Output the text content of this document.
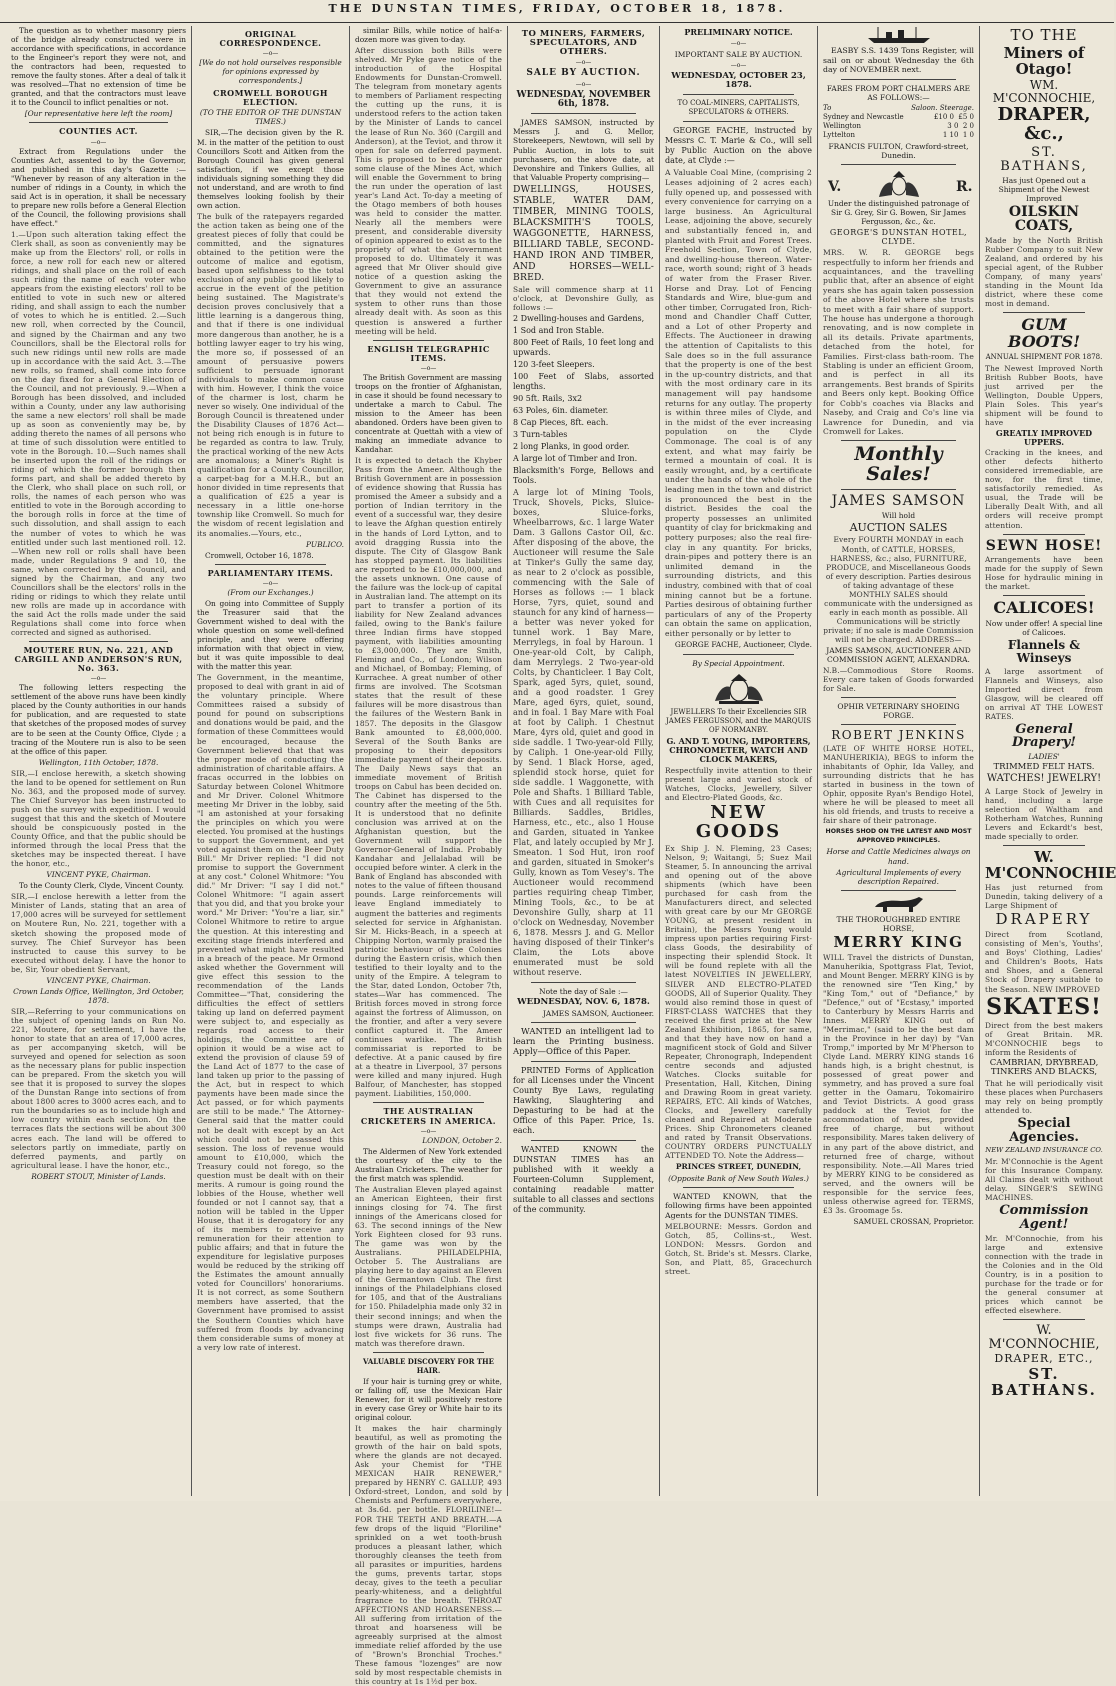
THE DUNSTAN TIMES, FRIDAY, OCTOBER 18, 1878.

The question as to whether masonry piers of the bridge already constructed were in accordance with specifications, in accordance to the Engineer's report they were not, and the contractors had been, requested to remove the faulty stones. After a deal of talk it was resolved—That no extension of time be granted, and that the contractors must leave it to the Council to inflict penalties or not.

[Our representative here left the room]

COUNTIES ACT.

—o—

Extract from Regulations under the Counties Act, assented to by the Governor, and published in this day's Gazette :— "Whenever by reason of any alteration in the number of ridings in a County, in which the said Act is in operation, it shall be necessary to prepare new rolls before a General Election of the Council, the following provisions shall have effect."

1.—Upon such alteration taking effect the Clerk shall, as soon as conveniently may be make up from the Electors' roll, or rolls in force, a new roll for each new or altered ridings, and shall place on the roll of each such riding the name of each voter who appears from the existing electors' roll to be entitled to vote in such new or altered riding, and shall assign to each the number of votes to which he is entitled. 2.—Such new roll, when corrected by the Council, and signed by the Chairman and any two Councillors, shall be the Electoral rolls for such new ridings until new rolls are made up in accordance with the said Act. 3.—The new rolls, so framed, shall come into force on the day fixed for a General Election of the Council, and not previously. 9.—When a Borough has been dissolved, and included within a County, under any law authorising the same a new electors' roll shall be made up as soon as conveniently may be, by adding thereto the names of all persons who at time of such dissolution were entitled to vote in the Borough. 10.—Such names shall be inserted upon the roll of the ridings or riding of which the former borough then forms part, and shall be added thereto by the Clerk, who shall place on such roll, or rolls, the names of each person who was entitled to vote in the Borough according to the borough rolls in force at the time of such dissolution, and shall assign to each the number of votes to which he was entitled under such last mentioned roll. 12.—When new roll or rolls shall have been made, under Regulations 9 and 10, the same, when corrected by the Council, and signed by the Chairman, and any two Councillors shall be the electors' rolls in the riding or ridings to which they relate until new rolls are made up in accordance with the said Act the rolls made under the said Regulations shall come into force when corrected and signed as authorised.

MOUTERE RUN, No. 221, AND CARGILL AND ANDERSON'S RUN, No. 363.

—o—

The following letters respecting the settlement of the above runs have been kindly placed by the County authorities in our hands for publication, and are requested to state that sketches of the proposed modes of survey are to be seen at the County Office, Clyde ; a tracing of the Moutere run is also to be seen at the office of this paper.

Wellington, 11th October, 1878.

SIR,—I enclose herewith, a sketch showing the land to be opened for settlement on Run No. 363, and the proposed mode of survey. The Chief Surveyor has been instructed to push on the survey with expedition. I would suggest that this and the sketch of Moutere should be conspicuously posted in the County Office, and that the public should be informed through the local Press that the sketches may be inspected thereat. I have the honor, etc.,

VINCENT PYKE, Chairman.

To the County Clerk, Clyde, Vincent County.

SIR,—I enclose herewith a letter from the Minister of Lands, stating that an area of 17,000 acres will be surveyed for settlement on Moutere Run, No. 221, together with a sketch showing the proposed mode of survey. The Chief Surveyor has been instructed to cause this survey to be executed without delay. I have the honor to be, Sir, Your obedient Servant,

VINCENT PYKE, Chairman.

Crown Lands Office, Wellington, 3rd October, 1878.

SIR,—Referring to your communications on the subject of opening lands on Run No. 221, Moutere, for settlement, I have the honor to state that an area of 17,000 acres, as per accompanying sketch, will be surveyed and opened for selection as soon as the necessary plans for public inspection can be prepared. From the sketch you will see that it is proposed to survey the slopes of the Dunstan Range into sections of from about 1800 acres to 3000 acres each, and to run the boundaries so as to include high and low country within each section. On the terraces flats the sections will be about 300 acres each. The land will be offered to selectors partly on immediate, partly on deferred payments, and partly on agricultural lease. I have the honor, etc.,

ROBERT STOUT, Minister of Lands.

ORIGINAL CORRESPONDENCE.

—o—

[We do not hold ourselves responsible for opinions expressed by correspondents.]

CROMWELL BOROUGH ELECTION.

(TO THE EDITOR OF THE DUNSTAN TIMES.)

SIR,—The decision given by the R. M. in the matter of the petition to oust Councillors Scott and Aitken from the Borough Council has given general satisfaction, if we except those individuals signing something they did not understand, and are wroth to find themselves looking foolish by their own action.

The bulk of the ratepayers regarded the action taken as being one of the greatest pieces of folly that could be committed, and the signatures obtained to the petition were the outcome of malice and egotism, based upon selfishness to the total exclusion of any public good likely to accrue in the event of the petition being sustained. The Magistrate's decision proves conclusively that a little learning is a dangerous thing, and that if there is one individual more dangerous than another, he is a bottling lawyer eager to try his wing, the more so, if possessed of an amount of persuasive powers sufficient to persuade ignorant individuals to make common cause with him. However, I think the voice of the charmer is lost, charm he never so wisely. One individual of the Borough Council is threatened under the Disability Clauses of 1876 Act—not being rich enough is in future to be regarded as contra to law. Truly, the practical working of the new Acts are anomalous; a Miner's Right is qualification for a County Councillor, a carpet-bag for a M.H.R., but an honor divided in time represents that a qualification of £25 a year is necessary in a little one-horse township like Cromwell. So much for the wisdom of recent legislation and its anomalies.—Yours, etc.,

PUBLICO.

Cromwell, October 16, 1878.

PARLIAMENTARY ITEMS.

—o—

(From our Exchanges.)

On going into Committee of Supply the Treasurer said that the Government wished to deal with the whole question on some well-defined principle, and they were offering information with that object in view, but it was quite impossible to deal with the matter this year.

The Government, in the meantime, proposed to deal with grant in aid of the voluntary principle. Where Committees raised a subsidy of pound for pound on subscriptions and donations would be paid, and the formation of these Committees would be encouraged, because the Government believed that that was the proper mode of conducting the administration of charitable affairs. A fracas occurred in the lobbies on Saturday between Colonel Whitmore and Mr Driver. Colonel Whitmore meeting Mr Driver in the lobby, said "I am astonished at your forsaking the principles on which you were elected. You promised at the hustings to support the Government, and yet voted against them on the Beer Duty Bill." Mr Driver replied: "I did not promise to support the Government at any cost." Colonel Whitmore: "You did." Mr Driver: "I say I did not." Colonel Whitmore: "I again assert that you did, and that you broke your word." Mr Driver: "You're a liar, sir." Colonel Whitmore to retire to argue the question. At this interesting and exciting stage friends interfered and prevented what might have resulted in a breach of the peace. Mr Ormond asked whether the Government will give effect this session to the recommendation of the Lands Committee—"That, considering the difficulties the effect of settlers taking up land on deferred payment were subject to, and especially as regards road access to their holdings, the Committee are of opinion it would be a wise act to extend the provision of clause 59 of the Land Act of 1877 to the case of land taken up prior to the passing of the Act, but in respect to which payments have been made since the Act passed, or for which payments are still to be made." The Attorney-General said that the matter could not be dealt with except by an Act which could not be passed this session. The loss of revenue would amount to £10,000, which the Treasury could not forego, so the question must be dealt with on their merits. A rumour is going round the lobbies of the House, whether well founded or not I cannot say, that a notion will be tabled in the Upper House, that it is derogatory for any of its members to receive any remuneration for their attention to public affairs; and that in future the expenditure for legislative purposes would be reduced by the striking off the Estimates the amount annually voted for Councillors' honorariums. It is not correct, as some Southern members have asserted, that the Government have promised to assist the Southern Counties which have suffered from floods by advancing them considerable sums of money at a very low rate of interest.

similar Bills, while notice of half-a-dozen more was given to-day.

After discussion both Bills were shelved. Mr Pyke gave notice of the introduction of the Hospital Endowments for Dunstan-Cromwell. The telegram from monetary agents to members of Parliament respecting the cutting up the runs, it is understood refers to the action taken by the Minister of Lands to cancel the lease of Run No. 360 (Cargill and Anderson), at the Teviot, and throw it open for sale on deferred payment. This is proposed to be done under some clause of the Mines Act, which will enable the Government to bring the run under the operation of last year's Land Act. To-day a meeting of the Otago members of both houses was held to consider the matter. Nearly all the members were present, and considerable diversity of opinion appeared to exist as to the propriety of what the Government proposed to do. Ultimately it was agreed that Mr Oliver should give notice of a question asking the Government to give an assurance that they would not extend the system to other runs than those already dealt with. As soon as this question is answered a further meeting will be held.

ENGLISH TELEGRAPHIC ITEMS.

—o—

The British Government are massing troops on the frontier of Afghanistan, in case it should be found necessary to undertake a march to Cabul. The mission to the Ameer has been abandoned. Orders have been given to concentrate at Quettah with a view of making an immediate advance to Kandahar.

It is expected to detach the Khyber Pass from the Ameer. Although the British Government are in possession of evidence showing that Russia has promised the Ameer a subsidy and a portion of Indian territory in the event of a successful war, they desire to leave the Afghan question entirely in the hands of Lord Lytton, and to avoid dragging Russia into the dispute. The City of Glasgow Bank has stopped payment. Its liabilities are reported to be £10,000,000, and the assets unknown. One cause of the failure was the lock-up of capital in Australian land. The attempt on its part to transfer a portion of its liability for New Zealand advances failed, owing to the Bank's failure three Indian firms have stopped payment, with liabilities amounting to £3,000,000. They are Smith, Fleming and Co., of London; Wilson and Michael, of Bombay; Fleming, of Kurrachee. A great number of other firms are involved. The Scotsman states that the result of these failures will be more disastrous than the failures of the Western Bank in 1857. The deposits in the Glasgow Bank amounted to £8,000,000. Several of the South Banks are proposing to their depositors immediate payment of their deposits. The Daily News says that an immediate movement of British troops on Cabul has been decided on. The Cabinet has dispersed to the country after the meeting of the 5th. It is understood that no definite conclusion was arrived at on the Afghanistan question, but the Government will support the Governor-General of India. Probably Kandahar and Jellalabad will be occupied before winter. A clerk in the Bank of England has absconded with notes to the value of fifteen thousand pounds. Large reinforcements will leave England immediately to augment the batteries and regiments selected for service in Afghanistan. Sir M. Hicks-Beach, in a speech at Chipping Norton, warmly praised the patriotic behaviour of the Colonies during the Eastern crisis, which then testified to their loyalty and to the unity of the Empire. A telegram to the Star, dated London, October 7th, states—War has commenced. The British forces moved in strong force against the fortress of Alimusson, on the frontier, and after a very severe conflict captured it. The Ameer continues warlike. The British commissariat is reported to be defective. At a panic caused by fire at a theatre in Liverpool, 37 persons were killed and many injured. Hugh Balfour, of Manchester, has stopped payment. Liabilities, 150,000.

THE AUSTRALIAN CRICKETERS IN AMERICA.

—o—

LONDON, October 2.

The Aldermen of New York extended the courtesy of the city to the Australian Cricketers. The weather for the first match was splendid.

The Australian Eleven played against an American Eighteen, their first innings closing for 74. The first innings of the Americans closed for 63. The second innings of the New York Eighteen closed for 93 runs. The game was won by the Australians. PHILADELPHIA, October 5. The Australians are playing here to day against an Eleven of the Germantown Club. The first innings of the Philadelphians closed for 105, and that of the Australians for 150. Philadelphia made only 32 in their second innings; and when the stumps were drawn, Australia had lost five wickets for 36 runs. The match was therefore drawn.

VALUABLE DISCOVERY FOR THE HAIR.

If your hair is turning grey or white, or falling off, use the Mexican Hair Renewer, for it will positively restore in every case Grey or White hair to its original colour.

It makes the hair charmingly beautiful, as well as promoting the growth of the hair on bald spots, where the glands are not decayed. Ask your Chemist for "THE MEXICAN HAIR RENEWER," prepared by HENRY C. GALLUP, 493 Oxford-street, London, and sold by Chemists and Perfumers everywhere, at 3s.6d. per bottle. FLORILINE!—FOR THE TEETH AND BREATH.—A few drops of the liquid "Floriline" sprinkled on a wet tooth-brush produces a pleasant lather, which thoroughly cleanses the teeth from all parasites or impurities, hardens the gums, prevents tartar, stops decay, gives to the teeth a peculiar pearly-whiteness, and a delightful fragrance to the breath. THROAT AFFECTIONS AND HOARSENESS.—All suffering from irritation of the throat and hoarseness will be agreeably surprised at the almost immediate relief afforded by the use of "Brown's Bronchial Troches." These famous "lozenges" are now sold by most respectable chemists in this country at 1s 1½d per box.

TO MINERS, FARMERS, SPECULATORS, AND OTHERS.

—o—

SALE BY AUCTION.

—o—

WEDNESDAY, NOVEMBER 6th, 1878.

JAMES SAMSON, instructed by Messrs J. and G. Mellor, Storekeepers, Newtown, will sell by Public Auction, in lots to suit purchasers, on the above date, at Devonshire and Tinkers Gullies, all that Valuable Property comprising—

DWELLINGS, HOUSES, STABLE, WATER DAM, TIMBER, MINING TOOLS, BLACKSMITH'S TOOLS, WAGGONETTE, HARNESS, BILLIARD TABLE, SECOND-HAND IRON AND TIMBER, AND HORSES—WELL-BRED.

Sale will commence sharp at 11 o'clock, at Devonshire Gully, as follows :—

2 Dwelling-houses and Gardens,

1 Sod and Iron Stable.

800 Feet of Rails, 10 feet long and upwards.

120 3-feet Sleepers.

100 Feet of Slabs, assorted lengths.

90 5ft. Rails, 3x2

63 Poles, 6in. diameter.

8 Cap Pieces, 8ft. each.

3 Turn-tables

2 long Planks, in good order.

A large lot of Timber and Iron.

Blacksmith's Forge, Bellows and Tools.

A large lot of Mining Tools, Truck, Shovels, Picks, Sluice-boxes, Sluice-forks, Wheelbarrows, &c. 1 large Water Dam. 3 Gallons Castor Oil, &c. After disposing of the above, the Auctioneer will resume the Sale at Tinker's Gully the same day, as near to 2 o'clock as possible, commencing with the Sale of Horses as follows :— 1 black Horse, 7yrs, quiet, sound and staunch for any kind of harness—a better was never yoked for tunnel work. 1 Bay Mare, Merrylegs, in foal by Haroun. 1 One-year-old Colt, by Caliph, dam Merrylegs. 2 Two-year-old Colts, by Chanticleer. 1 Bay Colt, Spark, aged 5yrs, quiet, sound, and a good roadster. 1 Grey Mare, aged 6yrs, quiet, sound, and in foal. 1 Bay Mare with Foal at foot by Caliph. 1 Chestnut Mare, 4yrs old, quiet and good in side saddle. 1 Two-year-old Filly, by Caliph. 1 One-year-old Filly, by Send. 1 Black Horse, aged, splendid stock horse, quiet for side saddle. 1 Waggonette, with Pole and Shafts. 1 Billiard Table, with Cues and all requisites for Billiards. Saddles, Bridles, Harness, etc., etc., also 1 House and Garden, situated in Yankee Flat, and lately occupied by Mr J. Smeaton. 1 Sod Hut, iron roof and garden, situated in Smoker's Gully, known as Tom Vesey's. The Auctioneer would recommend parties requiring cheap Timber, Mining Tools, &c., to be at Devonshire Gully, sharp at 11 o'clock on Wednesday, November 6, 1878. Messrs J. and G. Mellor having disposed of their Tinker's Claim, the Lots above enumerated must be sold without reserve.

Note the day of Sale :—

WEDNESDAY, NOV. 6, 1878.

JAMES SAMSON, Auctioneer.

WANTED an intelligent lad to learn the Printing business. Apply—Office of this Paper.

PRINTED Forms of Application for all Licenses under the Vincent County Bye Laws, regulating Hawking, Slaughtering and Depasturing to be had at the Office of this Paper. Price, 1s. each.

WANTED KNOWN the DUNSTAN TIMES has an published with it weekly a Fourteen-Column Supplement, containing readable matter suitable to all classes and sections of the community.

PRELIMINARY NOTICE.

—o—

IMPORTANT SALE BY AUCTION.

—o—

WEDNESDAY, OCTOBER 23, 1878.

TO COAL-MINERS, CAPITALISTS, SPECULATORS & OTHERS.

GEORGE FACHE, instructed by Messrs C. T. Marie & Co., will sell by Public Auction on the above date, at Clyde :—

A Valuable Coal Mine, (comprising 2 Leases adjoining of 2 acres each) fully opened up, and possessed with every convenience for carrying on a large business. An Agricultural Lease, adjoining the above, securely and substantially fenced in, and planted with Fruit and Forest Trees. Freehold Section, Town of Clyde, and dwelling-house thereon. Water-race, worth sound; right of 3 heads of water from the Fraser River. Horse and Dray. Lot of Fencing Standards and Wire, blue-gum and other timber, Corrugated Iron, Rich-mond and Chandler Chaff Cutter, and a Lot of other Property and Effects. The Auctioneer in drawing the attention of Capitalists to this Sale does so in the full assurance that the property is one of the best in the up-country districts, and that with the most ordinary care in its management will pay handsome returns for any outlay. The property is within three miles of Clyde, and in the midst of the ever increasing population on the Clyde Commonage. The coal is of any extent, and what may fairly be termed a mountain of coal. It is easily wrought, and, by a certificate under the hands of the whole of the leading men in the town and district is pronounced the best in the district. Besides the coal the property possesses an unlimited quantity of clay for brickmaking and pottery purposes; also the real fire-clay in any quantity. For bricks, drain-pipes and pottery there is an unlimited demand in the surrounding districts, and this industry, combined with that of coal mining cannot but be a fortune. Parties desirous of obtaining further particulars of any of the Property can obtain the same on application, either personally or by letter to

GEORGE FACHE, Auctioneer, Clyde.

By Special Appointment.

JEWELLERS To their Excellencies SIR JAMES FERGUSSON, and the MARQUIS OF NORMANBY.

G. AND T. YOUNG, IMPORTERS, CHRONOMETER, WATCH AND CLOCK MAKERS,

Respectfully invite attention to their present large and varied stock of Watches, Clocks, Jewellery, Silver and Electro-Plated Goods, &c.

NEW GOODS

Ex Ship J. N. Fleming, 23 Cases; Nelson, 9; Waitangi, 5; Suez Mail Steamer, 5. In announcing the arrival and opening out of the above shipments (which have been purchased for cash from the Manufacturers direct, and selected with great care by our Mr GEORGE YOUNG, at present resident in Britain), the Messrs Young would impress upon parties requiring First-class Goods, the desirability of inspecting their splendid Stock. It will be found replete with all the latest NOVELTIES IN JEWELLERY, SILVER AND ELECTRO-PLATED GOODS, All of Superior Quality. They would also remind those in quest of FIRST-CLASS WATCHES that they received the first prize at the New Zealand Exhibition, 1865, for same, and that they have now on hand a magnificent stock of Gold and Silver Repeater, Chronograph, Independent centre seconds and adjusted Watches. Clocks suitable for Presentation, Hall, Kitchen, Dining and Drawing Room in great variety. REPAIRS, ETC. All kinds of Watches, Clocks, and Jewellery carefully cleaned and Repaired at Moderate Prices. Ship Chronometers cleaned and rated by Transit Observations. COUNTRY ORDERS PUNCTUALLY ATTENDED TO. Note the Address—

PRINCES STREET, DUNEDIN,

(Opposite Bank of New South Wales.)

WANTED KNOWN, that the following firms have been appointed Agents for the DUNSTAN TIMES.

MELBOURNE: Messrs. Gordon and Gotch, 85, Collins-st., West. LONDON: Messrs. Gordon and Gotch, St. Bride's st. Messrs. Clarke, Son, and Platt, 85, Gracechurch street.

EASBY S.S. 1439 Tons Register, will sail on or about Wednesday the 6th day of NOVEMBER next.

FARES FROM PORT CHALMERS ARE AS FOLLOWS:—

To	Saloon. Steerage.
Sydney and Newcastle	£10 0 £5 0
Wellington	3 0 2 0
Lyttelton	1 10 1 0

FRANCIS FULTON, Crawford-street, Dunedin.

V.	R.

Under the distinguished patronage of Sir G. Grey, Sir G. Bowen, Sir James Fergusson, &c., &c.

GEORGE'S DUNSTAN HOTEL, CLYDE.

MRS. W. R. GEORGE begs respectfully to inform her friends and acquaintances, and the travelling public that, after an absence of eight years she has again taken possession of the above Hotel where she trusts to meet with a fair share of support. The house has undergone a thorough renovating, and is now complete in all its details. Private apartments, detached from the hotel, for Families. First-class bath-room. The Stabling is under an efficient Groom, and is perfect in all its arrangements. Best brands of Spirits and Beers only kept. Booking Office for Cobb's coaches via Blacks and Naseby, and Craig and Co's line via Lawrence for Dunedin, and via Cromwell for Lakes.

Monthly Sales!

JAMES SAMSON

Will hold

AUCTION SALES

Every FOURTH MONDAY in each Month, of CATTLE, HORSES, HARNESS, &c.; also, FURNITURE, PRODUCE, and Miscellaneous Goods of every description. Parties desirous of taking advantage of these MONTHLY SALES should communicate with the undersigned as early in each month as possible. All Communications will be strictly private; if no sale is made Commission will not be charged. ADDRESS—

JAMES SAMSON, AUCTIONEER AND COMMISSION AGENT, ALEXANDRA.

N.B.—Commodious Store Rooms. Every care taken of Goods forwarded for Sale.

OPHIR VETERINARY SHOEING FORGE.

ROBERT JENKINS

(LATE OF WHITE HORSE HOTEL, MANUHERIKIA), BEGS to inform the inhabitants of Ophir, Ida Valley, and surrounding districts that he has started in business in the town of Ophir, opposite Ryan's Bendigo Hotel, where he will be pleased to meet all his old friends, and trusts to receive a fair share of their patronage.

HORSES SHOD ON THE LATEST AND MOST APPROVED PRINCIPLES.

Horse and Cattle Medicines always on hand.

Agricultural Implements of every description Repaired.

THE THOROUGHBRED ENTIRE HORSE,

MERRY KING

WILL Travel the districts of Dunstan, Manuherikia, Spottgrass Flat, Teviot, and Mount Benger. MERRY KING is by the renowned sire "Ten King," by "King Tom," out of "Defiance," by "Defence," out of "Ecstasy," imported to Canterbury by Messrs Harris and Innes. MERRY KING out of "Merrimac," (said to be the best dam in the Province in her day) by "Van Tromp," imported by Mr M'Pherson to Clyde Land. MERRY KING stands 16 hands high, is a bright chestnut, is possessed of great power and symmetry, and has proved a sure foal getter in the Oamaru, Tokomairiro and Teviot Districts. A good grass paddock at the Teviot for the accommodation of mares, provided free of charge, but without responsibility. Mares taken delivery of in any part of the above district, and returned free of charge, without responsibility. Note.—All Mares tried by MERRY KING to be considered as served, and the owners will be responsible for the service fees, unless otherwise agreed for. TERMS, £3 3s. Groomage 5s.

SAMUEL CROSSAN, Proprietor.

TO THE

Miners of Otago!

WM. M'CONNOCHIE,

DRAPER, &c.,

ST. BATHANS,

Has just Opened out a Shipment of the Newest Improved

OILSKIN COATS,

Made by the North British Rubber Company to suit New Zealand, and ordered by his special agent, of the Rubber Company, of many years' standing in the Mount Ida district, where these come most in demand.

GUM BOOTS!

ANNUAL SHIPMENT FOR 1878.

The Newest Improved North British Rubber Boots, have just arrived per the Wellington, Double Uppers, Plain Soles. This year's shipment will be found to have

GREATLY IMPROVED UPPERS.

Cracking in the knees, and other defects hitherto considered irremediable, are now, for the first time, satisfactorily remedied. As usual, the Trade will be Liberally Dealt With, and all orders will receive prompt attention.

SEWN HOSE!

Arrangements have been made for the supply of Sewn Hose for hydraulic mining in the market.

CALICOES!

Now under offer! A special line of Calicoes.

Flannels & Winseys

A large assortment of Flannels and Winseys, also Imported direct from Glasgow, will be cleared off on arrival AT THE LOWEST RATES.

General Drapery!

LADIES'

TRIMMED FELT HATS.

WATCHES! JEWELRY!

A Large Stock of Jewelry in hand, including a large selection of Waltham and Rotherham Watches, Running Levers and Eckardt's best, made specially to order.

W. M'CONNOCHIE

Has just returned from Dunedin, taking delivery of a Large Shipment of

DRAPERY

Direct from Scotland, consisting of Men's, Youths', and Boys' Clothing, Ladies' and Children's Boots, Hats and Shoes, and a General Stock of Drapery suitable to the Season. NEW IMPROVED

SKATES!

Direct from the best makers of Great Britain. MR. M'CONNOCHIE begs to inform the Residents of

CAMBRIAN, DRYBREAD, TINKERS AND BLACKS,

That he will periodically visit these places when Purchasers may rely on being promptly attended to.

Special Agencies.

NEW ZEALAND INSURANCE CO.

Mr. M'Connochie is the Agent for this Insurance Company. All Claims dealt with without delay. SINGER'S SEWING MACHINES.

Commission Agent!

Mr. M'Connochie, from his large and extensive connection with the trade in the Colonies and in the Old Country, is in a position to purchase for the trade or for the general consumer at prices which cannot be effected elsewhere.

W. M'CONNOCHIE,

DRAPER, ETC.,

ST. BATHANS.
